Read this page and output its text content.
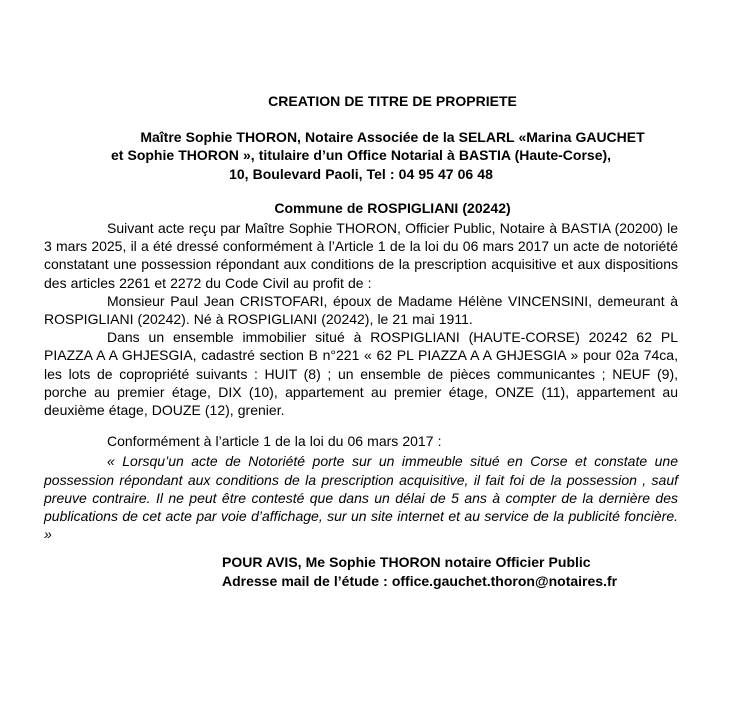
CREATION DE TITRE DE PROPRIETE

Maître Sophie THORON, Notaire Associée de la SELARL «Marina GAUCHET
et Sophie THORON », titulaire d’un Office Notarial à BASTIA (Haute-Corse),
10, Boulevard Paoli, Tel : 04 95 47 06 48

Commune de ROSPIGLIANI (20242)

Suivant acte reçu par Maître Sophie THORON, Officier Public, Notaire à BASTIA (20200) le 3 mars 2025, il a été dressé conformément à l’Article 1 de la loi du 06 mars 2017 un acte de notoriété constatant une possession répondant aux conditions de la prescription acquisitive et aux dispositions des articles 2261 et 2272 du Code Civil au profit de :

Monsieur Paul Jean CRISTOFARI, époux de Madame Hélène VINCENSINI, demeurant à ROSPIGLIANI (20242). Né à ROSPIGLIANI (20242), le 21 mai 1911.

Dans un ensemble immobilier situé à ROSPIGLIANI (HAUTE-CORSE) 20242 62 PL PIAZZA A A GHJESGIA, cadastré section B n°221 « 62 PL PIAZZA A A GHJESGIA » pour 02a 74ca, les lots de copropriété suivants : HUIT (8) ; un ensemble de pièces communicantes ; NEUF (9), porche au premier étage, DIX (10), appartement au premier étage, ONZE (11), appartement au deuxième étage, DOUZE (12), grenier.

Conformément à l’article 1 de la loi du 06 mars 2017 :

« Lorsqu’un acte de Notoriété porte sur un immeuble situé en Corse et constate une possession répondant aux conditions de la prescription acquisitive, il fait foi de la possession , sauf preuve contraire. Il ne peut être contesté que dans un délai de 5 ans à compter de la dernière des publications de cet acte par voie d’affichage, sur un site internet et au service de la publicité foncière. »

POUR AVIS, Me Sophie THORON notaire Officier Public
Adresse mail de l’étude : office.gauchet.thoron@notaires.fr
